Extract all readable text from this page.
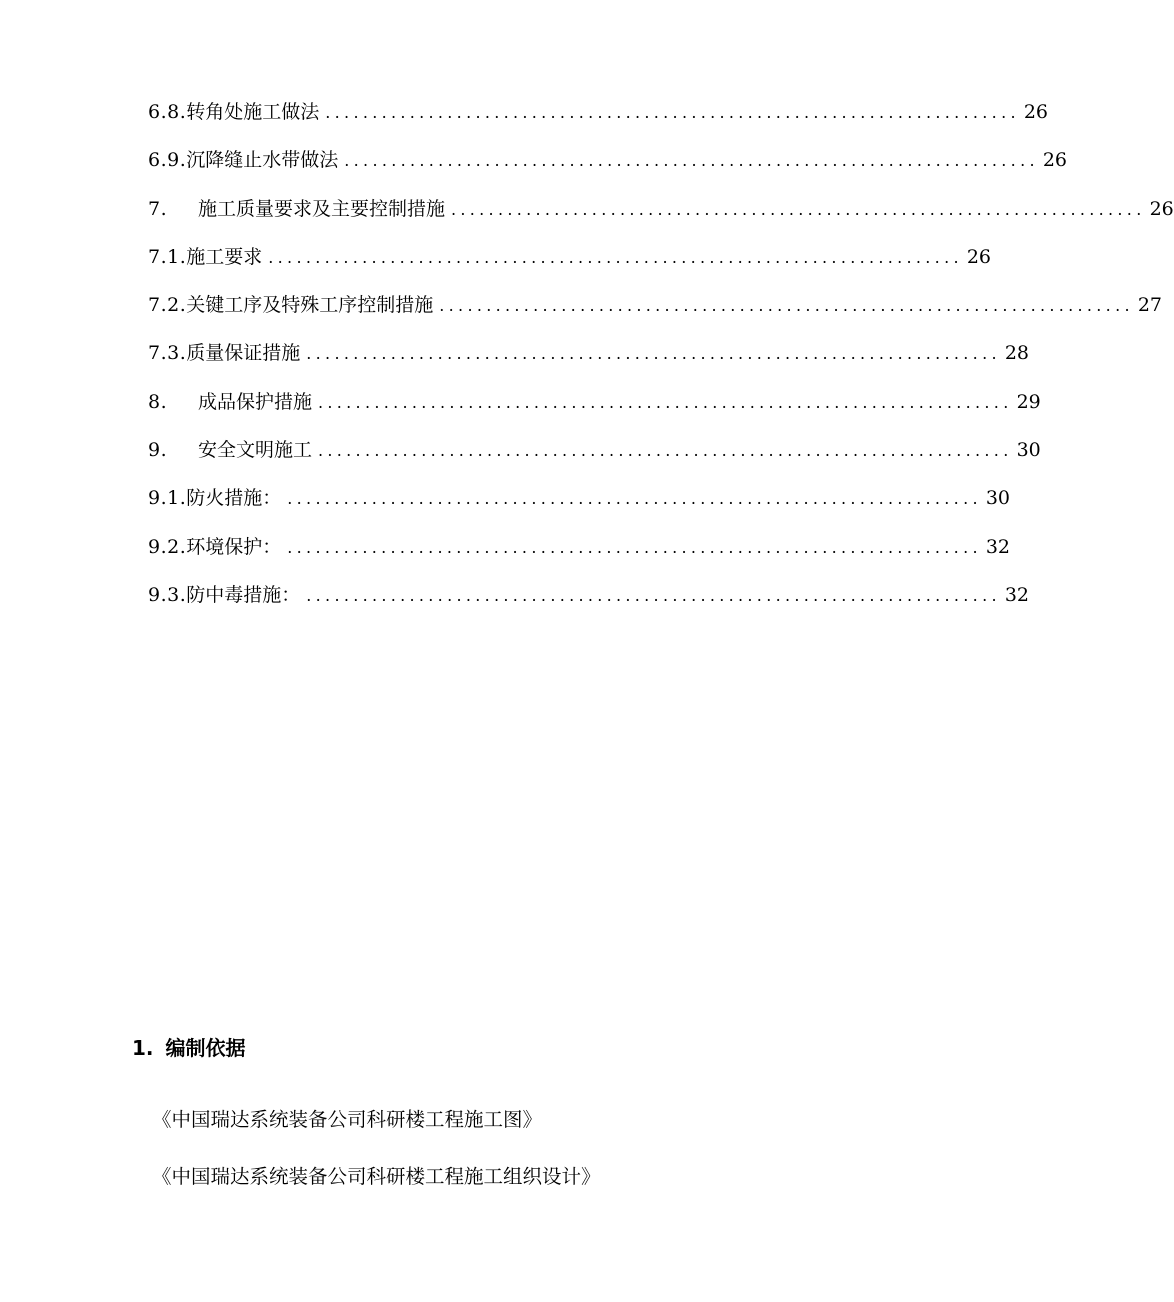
6.8. 转角处施工做法 .......................................................................... 26
6.9. 沉降缝止水带做法 .......................................................................... 26
7.	施工质量要求及主要控制措施 .......................................................................... 26
7.1. 施工要求 .......................................................................... 26
7.2. 关键工序及特殊工序控制措施 .......................................................................... 27
7.3. 质量保证措施 .......................................................................... 28
8.	成品保护措施 .......................................................................... 29
9.	安全文明施工 .......................................................................... 30
9.1. 防火措施： .......................................................................... 30
9.2. 环境保护： .......................................................................... 32
9.3. 防中毒措施： .......................................................................... 32
1. 编制依据
《中国瑞达系统装备公司科研楼工程施工图》
《中国瑞达系统装备公司科研楼工程施工组织设计》
